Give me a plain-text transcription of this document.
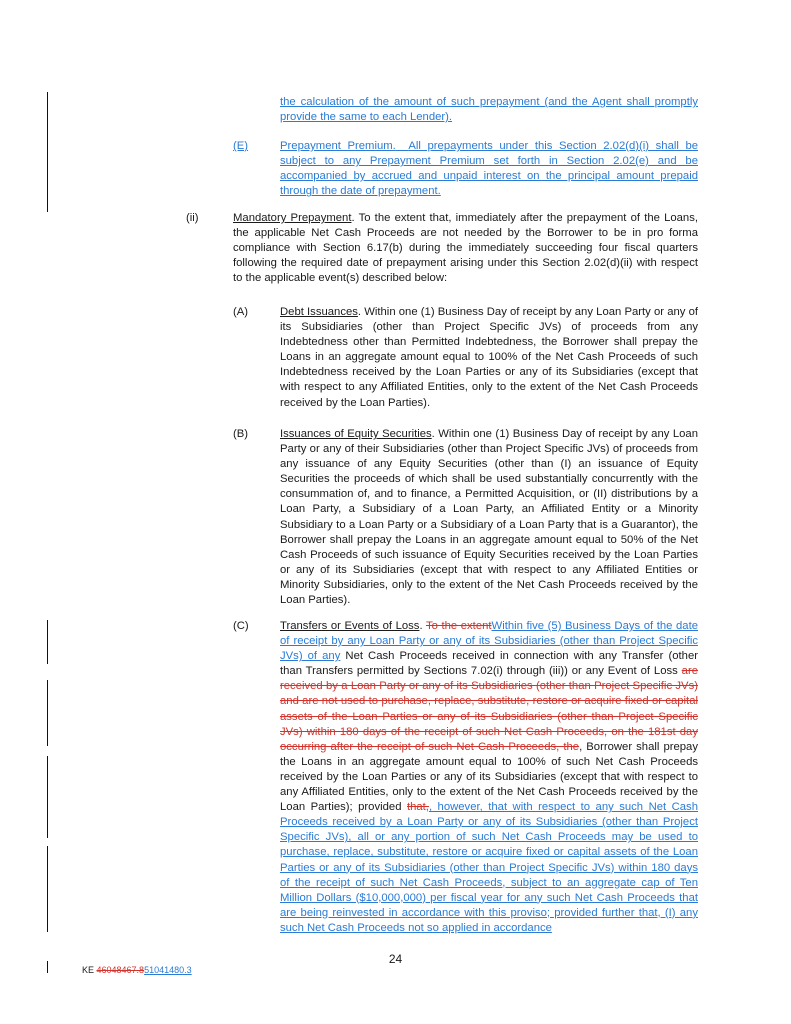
the calculation of the amount of such prepayment (and the Agent shall promptly provide the same to each Lender).

(E)	Prepayment Premium. All prepayments under this Section 2.02(d)(i) shall be subject to any Prepayment Premium set forth in Section 2.02(e) and be accompanied by accrued and unpaid interest on the principal amount prepaid through the date of prepayment.

(ii)	Mandatory Prepayment. To the extent that, immediately after the prepayment of the Loans, the applicable Net Cash Proceeds are not needed by the Borrower to be in pro forma compliance with Section 6.17(b) during the immediately succeeding four fiscal quarters following the required date of prepayment arising under this Section 2.02(d)(ii) with respect to the applicable event(s) described below:

(A)	Debt Issuances. Within one (1) Business Day of receipt by any Loan Party or any of its Subsidiaries (other than Project Specific JVs) of proceeds from any Indebtedness other than Permitted Indebtedness, the Borrower shall prepay the Loans in an aggregate amount equal to 100% of the Net Cash Proceeds of such Indebtedness received by the Loan Parties or any of its Subsidiaries (except that with respect to any Affiliated Entities, only to the extent of the Net Cash Proceeds received by the Loan Parties).

(B)	Issuances of Equity Securities. Within one (1) Business Day of receipt by any Loan Party or any of their Subsidiaries (other than Project Specific JVs) of proceeds from any issuance of any Equity Securities (other than (I) an issuance of Equity Securities the proceeds of which shall be used substantially concurrently with the consummation of, and to finance, a Permitted Acquisition, or (II) distributions by a Loan Party, a Subsidiary of a Loan Party, an Affiliated Entity or a Minority Subsidiary to a Loan Party or a Subsidiary of a Loan Party that is a Guarantor), the Borrower shall prepay the Loans in an aggregate amount equal to 50% of the Net Cash Proceeds of such issuance of Equity Securities received by the Loan Parties or any of its Subsidiaries (except that with respect to any Affiliated Entities or Minority Subsidiaries, only to the extent of the Net Cash Proceeds received by the Loan Parties).

(C)	Transfers or Events of Loss. To the extentWithin five (5) Business Days of the date of receipt by any Loan Party or any of its Subsidiaries (other than Project Specific JVs) of any Net Cash Proceeds received in connection with any Transfer (other than Transfers permitted by Sections 7.02(i) through (iii)) or any Event of Loss are received by a Loan Party or any of its Subsidiaries (other than Project Specific JVs) and are not used to purchase, replace, substitute, restore or acquire fixed or capital assets of the Loan Parties or any of its Subsidiaries (other than Project Specific JVs) within 180 days of the receipt of such Net Cash Proceeds, on the 181st day occurring after the receipt of such Net Cash Proceeds, the, Borrower shall prepay the Loans in an aggregate amount equal to 100% of such Net Cash Proceeds received by the Loan Parties or any of its Subsidiaries (except that with respect to any Affiliated Entities, only to the extent of the Net Cash Proceeds received by the Loan Parties); provided that,, however, that with respect to any such Net Cash Proceeds received by a Loan Party or any of its Subsidiaries (other than Project Specific JVs), all or any portion of such Net Cash Proceeds may be used to purchase, replace, substitute, restore or acquire fixed or capital assets of the Loan Parties or any of its Subsidiaries (other than Project Specific JVs) within 180 days of the receipt of such Net Cash Proceeds, subject to an aggregate cap of Ten Million Dollars ($10,000,000) per fiscal year for any such Net Cash Proceeds that are being reinvested in accordance with this proviso; provided further that, (I) any such Net Cash Proceeds not so applied in accordance

24
KE 46048467.851041480.3
